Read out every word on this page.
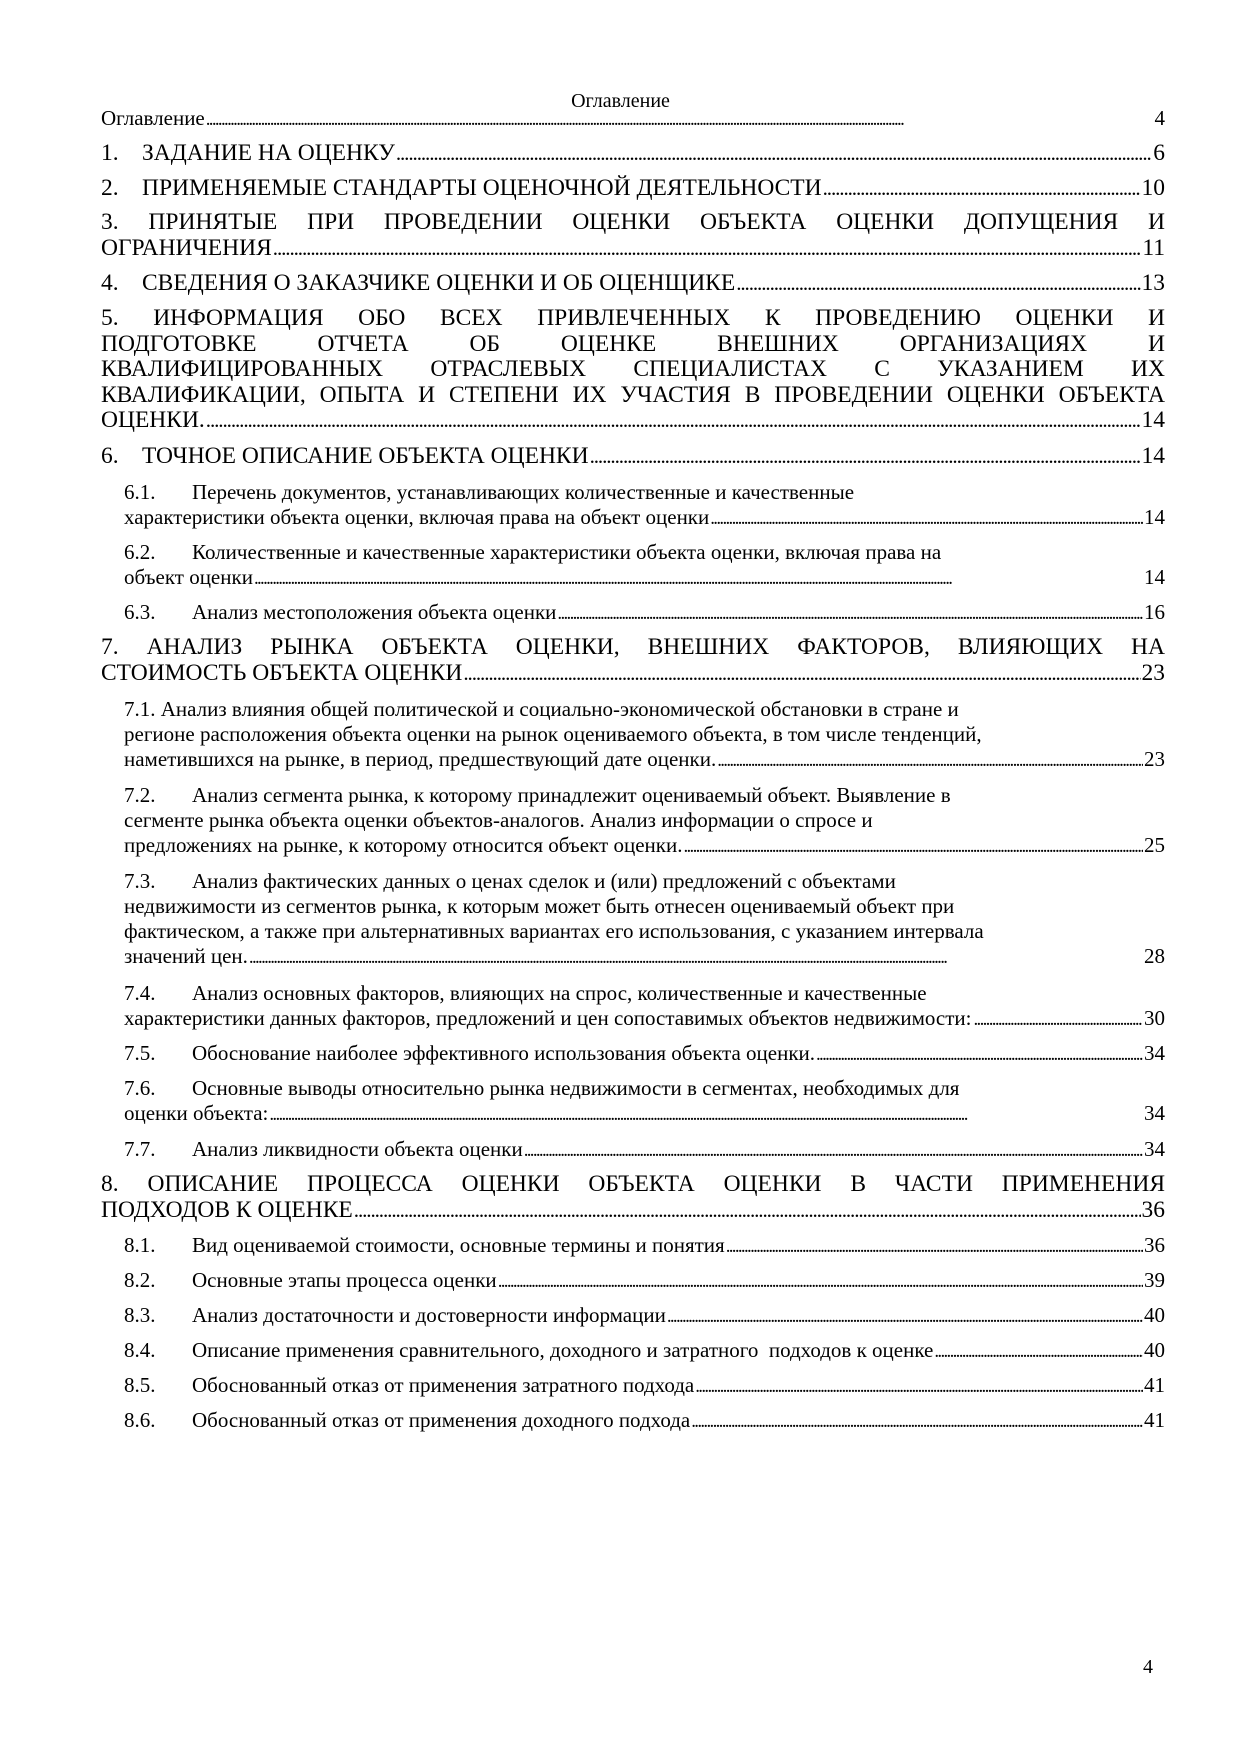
Оглавление
Оглавление . . .	4
1. ЗАДАНИЕ НА ОЦЕНКУ . . .	6
2. ПРИМЕНЯЕМЫЕ СТАНДАРТЫ ОЦЕНОЧНОЙ ДЕЯТЕЛЬНОСТИ . . .	10
3. ПРИНЯТЫЕ ПРИ ПРОВЕДЕНИИ ОЦЕНКИ ОБЪЕКТА ОЦЕНКИ ДОПУЩЕНИЯ И
ОГРАНИЧЕНИЯ . . .	11
4. СВЕДЕНИЯ О ЗАКАЗЧИКЕ ОЦЕНКИ И ОБ ОЦЕНЩИКЕ . . .	13
5. ИНФОРМАЦИЯ ОБО ВСЕХ ПРИВЛЕЧЕННЫХ К ПРОВЕДЕНИЮ ОЦЕНКИ И
ПОДГОТОВКЕ ОТЧЕТА ОБ ОЦЕНКЕ ВНЕШНИХ ОРГАНИЗАЦИЯХ И
КВАЛИФИЦИРОВАННЫХ ОТРАСЛЕВЫХ СПЕЦИАЛИСТАХ С УКАЗАНИЕМ ИХ
КВАЛИФИКАЦИИ, ОПЫТА И СТЕПЕНИ ИХ УЧАСТИЯ В ПРОВЕДЕНИИ ОЦЕНКИ ОБЪЕКТА
ОЦЕНКИ. . . .	14
6. ТОЧНОЕ ОПИСАНИЕ ОБЪЕКТА ОЦЕНКИ . . .	14
6.1. Перечень документов, устанавливающих количественные и качественные
характеристики объекта оценки, включая права на объект оценки . . .	14
6.2. Количественные и качественные характеристики объекта оценки, включая права на
объект оценки . . .	14
6.3. Анализ местоположения объекта оценки . . .	16
7. АНАЛИЗ РЫНКА ОБЪЕКТА ОЦЕНКИ, ВНЕШНИХ ФАКТОРОВ, ВЛИЯЮЩИХ НА
СТОИМОСТЬ ОБЪЕКТА ОЦЕНКИ . . .	23
7.1. Анализ влияния общей политической и социально-экономической обстановки в стране и
регионе расположения объекта оценки на рынок оцениваемого объекта, в том числе тенденций,
наметившихся на рынке, в период, предшествующий дате оценки. . . .	23
7.2. Анализ сегмента рынка, к которому принадлежит оцениваемый объект. Выявление в
сегменте рынка объекта оценки объектов-аналогов. Анализ информации о спросе и
предложениях на рынке, к которому относится объект оценки. . . .	25
7.3. Анализ фактических данных о ценах сделок и (или) предложений с объектами
недвижимости из сегментов рынка, к которым может быть отнесен оцениваемый объект при
фактическом, а также при альтернативных вариантах его использования, с указанием интервала
значений цен. . . .	28
7.4. Анализ основных факторов, влияющих на спрос, количественные и качественные
характеристики данных факторов, предложений и цен сопоставимых объектов недвижимости: . . .	30
7.5. Обоснование наиболее эффективного использования объекта оценки. . . .	34
7.6. Основные выводы относительно рынка недвижимости в сегментах, необходимых для
оценки объекта: . . .	34
7.7. Анализ ликвидности объекта оценки . . .	34
8. ОПИСАНИЕ ПРОЦЕССА ОЦЕНКИ ОБЪЕКТА ОЦЕНКИ В ЧАСТИ ПРИМЕНЕНИЯ
ПОДХОДОВ К ОЦЕНКЕ . . .	36
8.1. Вид оцениваемой стоимости, основные термины и понятия . . .	36
8.2. Основные этапы процесса оценки . . .	39
8.3. Анализ достаточности и достоверности информации . . .	40
8.4. Описание применения сравнительного, доходного и затратного  подходов к оценке . . .	40
8.5. Обоснованный отказ от применения затратного подхода . . .	41
8.6. Обоснованный отказ от применения доходного подхода . . .	41
4
